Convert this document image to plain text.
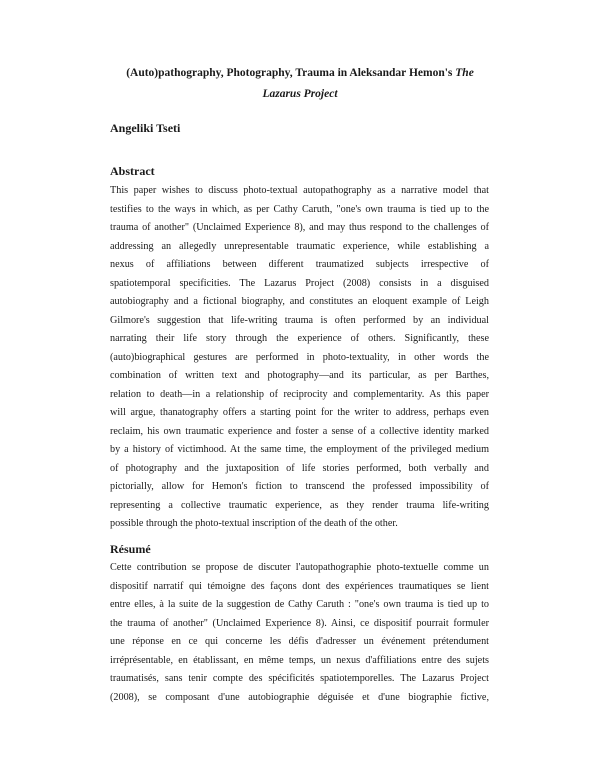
(Auto)pathography, Photography, Trauma in Aleksandar Hemon's The
Lazarus Project
Angeliki Tseti
Abstract
This paper wishes to discuss photo-textual autopathography as a narrative model that
testifies to the ways in which, as per Cathy Caruth, "one's own trauma is tied up to the
trauma of another" (Unclaimed Experience 8), and may thus respond to the challenges of
addressing an allegedly unrepresentable traumatic experience, while establishing a
nexus of affiliations between different traumatized subjects irrespective of
spatiotemporal specificities. The Lazarus Project (2008) consists in a disguised
autobiography and a fictional biography, and constitutes an eloquent example of Leigh
Gilmore's suggestion that life-writing trauma is often performed by an individual
narrating their life story through the experience of others. Significantly, these
(auto)biographical gestures are performed in photo-textuality, in other words the
combination of written text and photography—and its particular, as per Barthes,
relation to death—in a relationship of reciprocity and complementarity. As this paper
will argue, thanatography offers a starting point for the writer to address, perhaps even
reclaim, his own traumatic experience and foster a sense of a collective identity marked
by a history of victimhood. At the same time, the employment of the privileged medium
of photography and the juxtaposition of life stories performed, both verbally and
pictorially, allow for Hemon's fiction to transcend the professed impossibility of
representing a collective traumatic experience, as they render trauma life-writing
possible through the photo-textual inscription of the death of the other.
Résumé
Cette contribution se propose de discuter l'autopathographie photo-textuelle comme un
dispositif narratif qui témoigne des façons dont des expériences traumatiques se lient
entre elles, à la suite de la suggestion de Cathy Caruth : "one's own trauma is tied up to
the trauma of another" (Unclaimed Experience 8). Ainsi, ce dispositif pourrait formuler
une réponse en ce qui concerne les défis d'adresser un événement prétendument
irréprésentable, en établissant, en même temps, un nexus d'affiliations entre des sujets
traumatisés, sans tenir compte des spécificités spatiotemporelles. The Lazarus Project
(2008), se composant d'une autobiographie déguisée et d'une biographie fictive,
